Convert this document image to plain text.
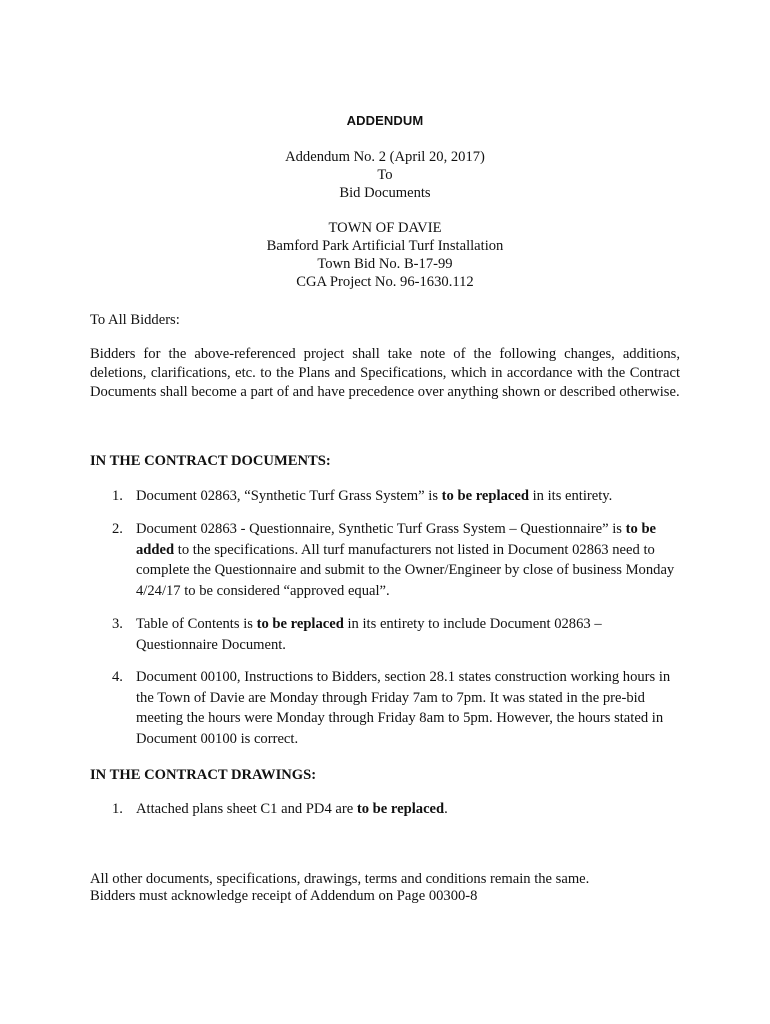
ADDENDUM
Addendum No. 2 (April 20, 2017)
To
Bid Documents
TOWN OF DAVIE
Bamford Park Artificial Turf Installation
Town Bid No. B-17-99
CGA Project No. 96-1630.112
To All Bidders:
Bidders for the above-referenced project shall take note of the following changes, additions, deletions, clarifications, etc. to the Plans and Specifications, which in accordance with the Contract Documents shall become a part of and have precedence over anything shown or described otherwise.
IN THE CONTRACT DOCUMENTS:
1. Document 02863, “Synthetic Turf Grass System” is to be replaced in its entirety.
2. Document 02863 - Questionnaire, Synthetic Turf Grass System – Questionnaire” is to be added to the specifications. All turf manufacturers not listed in Document 02863 need to complete the Questionnaire and submit to the Owner/Engineer by close of business Monday 4/24/17 to be considered “approved equal”.
3. Table of Contents is to be replaced in its entirety to include Document 02863 – Questionnaire Document.
4. Document 00100, Instructions to Bidders, section 28.1 states construction working hours in the Town of Davie are Monday through Friday 7am to 7pm. It was stated in the pre-bid meeting the hours were Monday through Friday 8am to 5pm. However, the hours stated in Document 00100 is correct.
IN THE CONTRACT DRAWINGS:
1. Attached plans sheet C1 and PD4 are to be replaced.
All other documents, specifications, drawings, terms and conditions remain the same.
Bidders must acknowledge receipt of Addendum on Page 00300-8
